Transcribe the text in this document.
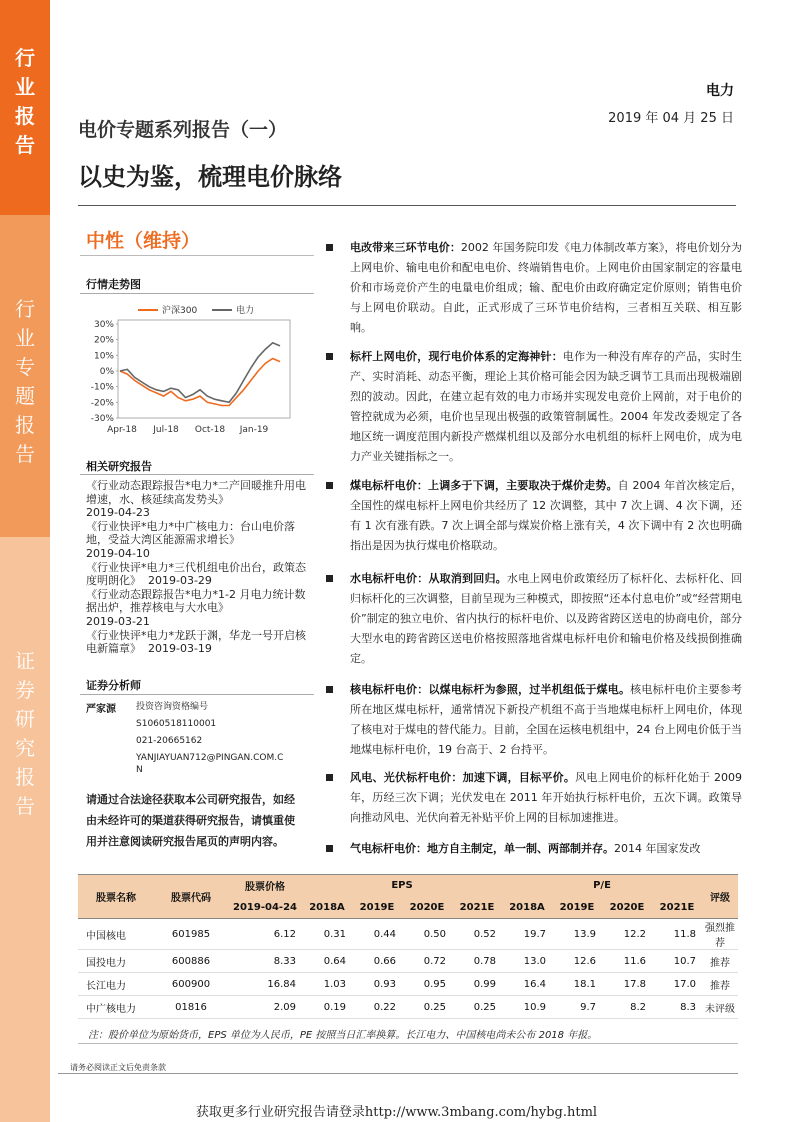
行
业
报
告
行
业
专
题
报
告
证
券
研
究
报
告
电力
2019 年 04 月 25 日
电价专题系列报告（一）
以史为鉴，梳理电价脉络
中性（维持）
行情走势图
30%
20%
10%
0%
-10%
-20%
-30%
Apr-18 Jul-18 Oct-18 Jan-19
沪深300	电力
相关研究报告
《行业动态跟踪报告*电力*二产回暖推升用电增速，水、核延续高发势头》
2019-04-23
《行业快评*电力*中广核电力：台山电价落地，受益大湾区能源需求增长》
2019-04-10
《行业快评*电力*三代机组电价出台，政策态度明朗化》 2019-03-29
《行业动态跟踪报告*电力*1-2 月电力统计数据出炉，推荐核电与大水电》
2019-03-21
《行业快评*电力*龙跃于渊，华龙一号开启核电新篇章》 2019-03-19
证券分析师
严家源 投资咨询资格编号
S1060518110001
021-20665162
YANJIAYUAN712@PINGAN.COM.C
N
请通过合法途径获取本公司研究报告，如经由未经许可的渠道获得研究报告，请慎重使用并注意阅读研究报告尾页的声明内容。
电改带来三环节电价：2002 年国务院印发《电力体制改革方案》，将电价划分为上网电价、输电电价和配电电价、终端销售电价。上网电价由国家制定的容量电价和市场竞价产生的电量电价组成；输、配电价由政府确定定价原则；销售电价与上网电价联动。自此，正式形成了三环节电价结构，三者相互关联、相互影响。
标杆上网电价，现行电价体系的定海神针：电作为一种没有库存的产品，实时生产、实时消耗、动态平衡，理论上其价格可能会因为缺乏调节工具而出现极端剧烈的波动。因此，在建立起有效的电力市场并实现发电竞价上网前，对于电价的管控就成为必须，电价也呈现出极强的政策管制属性。2004 年发改委规定了各地区统一调度范围内新投产燃煤机组以及部分水电机组的标杆上网电价，成为电力产业关键指标之一。
煤电标杆电价：上调多于下调，主要取决于煤价走势。自 2004 年首次核定后，全国性的煤电标杆上网电价共经历了 12 次调整，其中 7 次上调、4 次下调，还有 1 次有涨有跌。7 次上调全部与煤炭价格上涨有关，4 次下调中有 2 次也明确指出是因为执行煤电价格联动。
水电标杆电价：从取消到回归。水电上网电价政策经历了标杆化、去标杆化、回归标杆化的三次调整，目前呈现为三种模式，即按照“还本付息电价”或“经营期电价”制定的独立电价、省内执行的标杆电价、以及跨省跨区送电的协商电价，部分大型水电的跨省跨区送电价格按照落地省煤电标杆电价和输电价格及线损倒推确定。
核电标杆电价：以煤电标杆为参照，过半机组低于煤电。核电标杆电价主要参考所在地区煤电标杆，通常情况下新投产机组不高于当地煤电标杆上网电价，体现了核电对于煤电的替代能力。目前，全国在运核电机组中，24 台上网电价低于当地煤电标杆电价，19 台高于、2 台持平。
风电、光伏标杆电价：加速下调，目标平价。风电上网电价的标杆化始于 2009 年，历经三次下调；光伏发电在 2011 年开始执行标杆电价，五次下调。政策导向推动风电、光伏向着无补贴平价上网的目标加速推进。
气电标杆电价：地方自主制定，单一制、两部制并存。2014 年国家发改
股票名称	股票代码	股票价格	EPS				P/E				评级
		2019-04-24	2018A	2019E	2020E	2021E	2018A	2019E	2020E	2021E	
中国核电	601985	6.12	0.31	0.44	0.50	0.52	19.7	13.9	12.2	11.8	强烈推荐
国投电力	600886	8.33	0.64	0.66	0.72	0.78	13.0	12.6	11.6	10.7	推荐
长江电力	600900	16.84	1.03	0.93	0.95	0.99	16.4	18.1	17.8	17.0	推荐
中广核电力	01816	2.09	0.19	0.22	0.25	0.25	10.9	9.7	8.2	8.3	未评级
注：股价单位为原始货币，EPS 单位为人民币，PE 按照当日汇率换算。长江电力、中国核电尚未公布 2018 年报。
请务必阅读正文后免责条款
获取更多行业研究报告请登录http://www.3mbang.com/hybg.html
